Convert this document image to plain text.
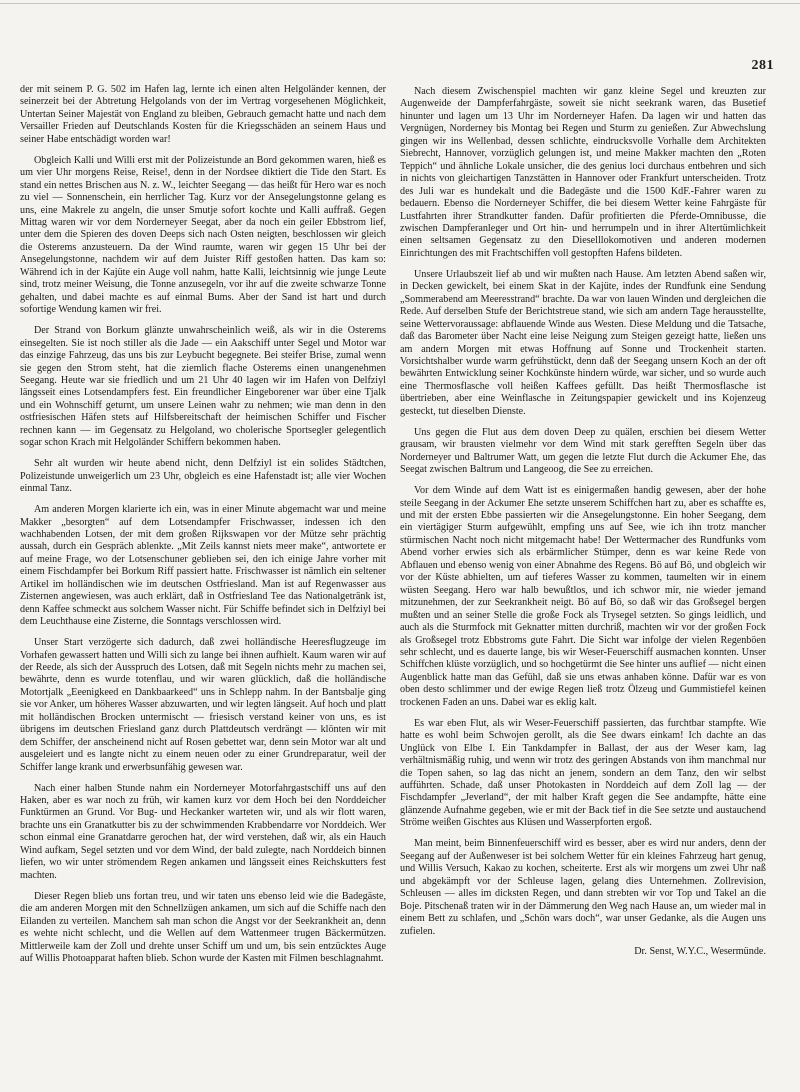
281

der mit seinem P. G. 502 im Hafen lag, lernte ich einen alten Helgoländer kennen, der seinerzeit bei der Abtretung Helgolands von der im Vertrag vorgesehenen Möglichkeit, Untertan Seiner Majestät von England zu bleiben, Gebrauch gemacht hatte und nach dem Versailler Frieden auf Deutschlands Kosten für die Kriegsschäden an seinem Haus und seiner Habe entschädigt worden war!

Obgleich Kalli und Willi erst mit der Polizeistunde an Bord gekommen waren, hieß es um vier Uhr morgens Reise, Reise!, denn in der Nordsee diktiert die Tide den Start. Es stand ein nettes Brischen aus N. z. W., leichter Seegang — das heißt für Hero war es noch zu viel — Sonnenschein, ein herrlicher Tag. Kurz vor der Ansegelungstonne gelang es uns, eine Makrele zu angeln, die unser Smutje sofort kochte und Kalli auffraß. Gegen Mittag waren wir vor dem Norderneyer Seegat, aber da noch ein geiler Ebbstrom lief, unter dem die Spieren des doven Deeps sich nach Osten neigten, beschlossen wir gleich die Osterems anzusteuern. Da der Wind raumte, waren wir gegen 15 Uhr bei der Ansegelungstonne, nachdem wir auf dem Juister Riff gestoßen hatten. Das kam so: Während ich in der Kajüte ein Auge voll nahm, hatte Kalli, leichtsinnig wie junge Leute sind, trotz meiner Weisung, die Tonne anzusegeln, vor ihr auf die zweite schwarze Tonne gehalten, und dabei machte es auf einmal Bums. Aber der Sand ist hart und durch sofortige Wendung kamen wir frei.

Der Strand von Borkum glänzte unwahrscheinlich weiß, als wir in die Osterems einsegelten. Sie ist noch stiller als die Jade — ein Aakschiff unter Segel und Motor war das einzige Fahrzeug, das uns bis zur Leybucht begegnete. Bei steifer Brise, zumal wenn sie gegen den Strom steht, hat die ziemlich flache Osterems einen unangenehmen Seegang. Heute war sie friedlich und um 21 Uhr 40 lagen wir im Hafen von Delfziyl längsseit eines Lotsendampfers fest. Ein freundlicher Eingeborener war über eine Tjalk und ein Wohnschiff geturnt, um unsere Leinen wahr zu nehmen; wie man denn in den ostfriesischen Häfen stets auf Hilfsbereitschaft der heimischen Schiffer und Fischer rechnen kann — im Gegensatz zu Helgoland, wo cholerische Sportsegler gelegentlich sogar schon Krach mit Helgoländer Schiffern bekommen haben.

Sehr alt wurden wir heute abend nicht, denn Delfziyl ist ein solides Städtchen, Polizeistunde unweigerlich um 23 Uhr, obgleich es eine Hafenstadt ist; alle vier Wochen einmal Tanz.

Am anderen Morgen klarierte ich ein, was in einer Minute abgemacht war und meine Makker „besorgten“ auf dem Lotsendampfer Frischwasser, indessen ich den wachhabenden Lotsen, der mit dem großen Rijkswapen vor der Mütze sehr prächtig aussah, durch ein Gespräch ablenkte. „Mit Zeils kannst niets meer make“, antwortete er auf meine Frage, wo der Lotsenschuner geblieben sei, den ich einige Jahre vorher mit einem Fischdampfer bei Borkum Riff passiert hatte. Frischwasser ist nämlich ein seltener Artikel im holländischen wie im deutschen Ostfriesland. Man ist auf Regenwasser aus Zisternen angewiesen, was auch erklärt, daß in Ostfriesland Tee das Nationalgetränk ist, denn Kaffee schmeckt aus solchem Wasser nicht. Für Schiffe befindet sich in Delfziyl bei dem Leuchthause eine Zisterne, die Sonntags verschlossen wird.

Unser Start verzögerte sich dadurch, daß zwei holländische Heeresflugzeuge im Vorhafen gewassert hatten und Willi sich zu lange bei ihnen aufhielt. Kaum waren wir auf der Reede, als sich der Ausspruch des Lotsen, daß mit Segeln nichts mehr zu machen sei, bewährte, denn es wurde totenflau, und wir waren glücklich, daß die holländische Motortjalk „Eeenigkeed en Dankbaarkeed“ uns in Schlepp nahm. In der Bantsbalje ging sie vor Anker, um höheres Wasser abzuwarten, und wir legten längseit. Auf hoch und platt mit holländischen Brocken untermischt — friesisch verstand keiner von uns, es ist übrigens im deutschen Friesland ganz durch Plattdeutsch verdrängt — klönten wir mit dem Schiffer, der anscheinend nicht auf Rosen gebettet war, denn sein Motor war alt und ausgeleiert und es langte nicht zu einem neuen oder zu einer Grundreparatur, weil der Schiffer lange krank und erwerbsunfähig gewesen war.

Nach einer halben Stunde nahm ein Norderneyer Motorfahrgastschiff uns auf den Haken, aber es war noch zu früh, wir kamen kurz vor dem Hoch bei den Norddeicher Funktürmen an Grund. Vor Bug- und Heckanker warteten wir, und als wir flott waren, brachte uns ein Granatkutter bis zu der schwimmenden Krabbendarre vor Norddeich. Wer schon einmal eine Granatdarre gerochen hat, der wird verstehen, daß wir, als ein Hauch Wind aufkam, Segel setzten und vor dem Wind, der bald zulegte, nach Norddeich binnen liefen, wo wir unter strömendem Regen ankamen und längsseit eines Reichskutters fest machten.

Dieser Regen blieb uns fortan treu, und wir taten uns ebenso leid wie die Badegäste, die am anderen Morgen mit den Schnellzügen ankamen, um sich auf die Schiffe nach den Eilanden zu verteilen. Manchem sah man schon die Angst vor der Seekrankheit an, denn es wehte nicht schlecht, und die Wellen auf dem Wattenmeer trugen Bäckermützen. Mittlerweile kam der Zoll und drehte unser Schiff um und um, bis sein entzücktes Auge auf Willis Photoapparat haften blieb. Schon wurde der Kasten mit Filmen beschlagnahmt.

Nach diesem Zwischenspiel machten wir ganz kleine Segel und kreuzten zur Augenweide der Dampferfahrgäste, soweit sie nicht seekrank waren, das Busetief hinunter und lagen um 13 Uhr im Norderneyer Hafen. Da lagen wir und hatten das Vergnügen, Norderney bis Montag bei Regen und Sturm zu genießen. Zur Abwechslung gingen wir ins Wellenbad, dessen schlichte, eindrucksvolle Vorhalle dem Architekten Siebrecht, Hannover, vorzüglich gelungen ist, und meine Makker machten den „Roten Teppich“ und ähnliche Lokale unsicher, die des genius loci durchaus entbehren und sich in nichts von gleichartigen Tanzstätten in Hannover oder Frankfurt unterscheiden. Trotz des Juli war es hundekalt und die Badegäste und die 1500 KdF.-Fahrer waren zu bedauern. Ebenso die Norderneyer Schiffer, die bei diesem Wetter keine Fahrgäste für Lustfahrten ihrer Strandkutter fanden. Dafür profitierten die Pferde-Omnibusse, die zwischen Dampferanleger und Ort hin- und herrumpeln und in ihrer Altertümlichkeit einen seltsamen Gegensatz zu den Dieselllokomotiven und anderen modernen Einrichtungen des mit Frachtschiffen voll gestopften Hafens bildeten.

Unsere Urlaubszeit lief ab und wir mußten nach Hause. Am letzten Abend saßen wir, in Decken gewickelt, bei einem Skat in der Kajüte, indes der Rundfunk eine Sendung „Sommerabend am Meeresstrand“ brachte. Da war von lauen Winden und dergleichen die Rede. Auf derselben Stufe der Berichtstreue stand, wie sich am andern Tage herausstellte, seine Wettervoraussage: abflauende Winde aus Westen. Diese Meldung und die Tatsache, daß das Barometer über Nacht eine leise Neigung zum Steigen gezeigt hatte, ließen uns am andern Morgen mit etwas Hoffnung auf Sonne und Trockenheit starten. Vorsichtshalber wurde warm gefrühstückt, denn daß der Seegang unsern Koch an der oft bewährten Entwicklung seiner Kochkünste hindern würde, war sicher, und so wurde auch eine Thermosflasche voll heißen Kaffees gefüllt. Das heißt Thermosflasche ist übertrieben, aber eine Weinflasche in Zeitungspapier gewickelt und ins Kojenzeug gesteckt, tut dieselben Dienste.

Uns gegen die Flut aus dem doven Deep zu quälen, erschien bei diesem Wetter grausam, wir brausten vielmehr vor dem Wind mit stark gerefften Segeln über das Norderneyer und Baltrumer Watt, um gegen die letzte Flut durch die Ackumer Ehe, das Seegat zwischen Baltrum und Langeoog, die See zu erreichen.

Vor dem Winde auf dem Watt ist es einigermaßen handig gewesen, aber der hohe steile Seegang in der Ackumer Ehe setzte unserem Schiffchen hart zu, aber es schaffte es, und mit der ersten Ebbe passierten wir die Ansegelungstonne. Ein hoher Seegang, dem ein viertägiger Sturm aufgewühlt, empfing uns auf See, wie ich ihn trotz mancher stürmischen Nacht noch nicht mitgemacht habe! Der Wettermacher des Rundfunks vom Abend vorher erwies sich als erbärmlicher Stümper, denn es war keine Rede von Abflauen und ebenso wenig von einer Abnahme des Regens. Bö auf Bö, und obgleich wir vor der Küste abhielten, um auf tieferes Wasser zu kommen, taumelten wir in einem wüsten Seegang. Hero war halb bewußtlos, und ich schwor mir, nie wieder jemand mitzunehmen, der zur Seekrankheit neigt. Bö auf Bö, so daß wir das Großsegel bergen mußten und an seiner Stelle die große Fock als Trysegel setzten. So gings leidlich, und auch als die Sturmfock mit Geknatter mitten durchriß, machten wir vor der großen Fock als Großsegel trotz Ebbstroms gute Fahrt. Die Sicht war infolge der vielen Regenböen sehr schlecht, und es dauerte lange, bis wir Weser-Feuerschiff ausmachen konnten. Unser Schiffchen klüste vorzüglich, und so hochgetürmt die See hinter uns auflief — nicht einen Augenblick hatte man das Gefühl, daß sie uns etwas anhaben könne. Dafür war es von oben desto schlimmer und der ewige Regen ließ trotz Ölzeug und Gummistiefel keinen trockenen Faden an uns. Dabei war es eklig kalt.

Es war eben Flut, als wir Weser-Feuerschiff passierten, das furchtbar stampfte. Wie hatte es wohl beim Schwojen gerollt, als die See dwars einkam! Ich dachte an das Unglück von Elbe I. Ein Tankdampfer in Ballast, der aus der Weser kam, lag verhältnismäßig ruhig, und wenn wir trotz des geringen Abstands von ihm manchmal nur die Topen sahen, so lag das nicht an jenem, sondern an dem Tanz, den wir selbst aufführten. Schade, daß unser Photokasten in Norddeich auf dem Zoll lag — der Fischdampfer „Jeverland“, der mit halber Kraft gegen die See andampfte, hätte eine glänzende Aufnahme gegeben, wie er mit der Back tief in die See setzte und austauchend Ströme weißen Gischtes aus Klüsen und Wasserpforten ergoß.

Man meint, beim Binnenfeuerschiff wird es besser, aber es wird nur anders, denn der Seegang auf der Außenweser ist bei solchem Wetter für ein kleines Fahrzeug hart genug, und Willis Versuch, Kakao zu kochen, scheiterte. Erst als wir morgens um zwei Uhr naß und abgekämpft vor der Schleuse lagen, gelang dies Unternehmen. Zollrevision, Schleusen — alles im dicksten Regen, und dann strebten wir vor Top und Takel an die Boje. Pitschenaß traten wir in der Dämmerung den Weg nach Hause an, um wieder mal in einem Bett zu schlafen, und „Schön wars doch“, war unser Gedanke, als die Augen uns zufielen.

Dr. Senst, W.Y.C., Wesermünde.
